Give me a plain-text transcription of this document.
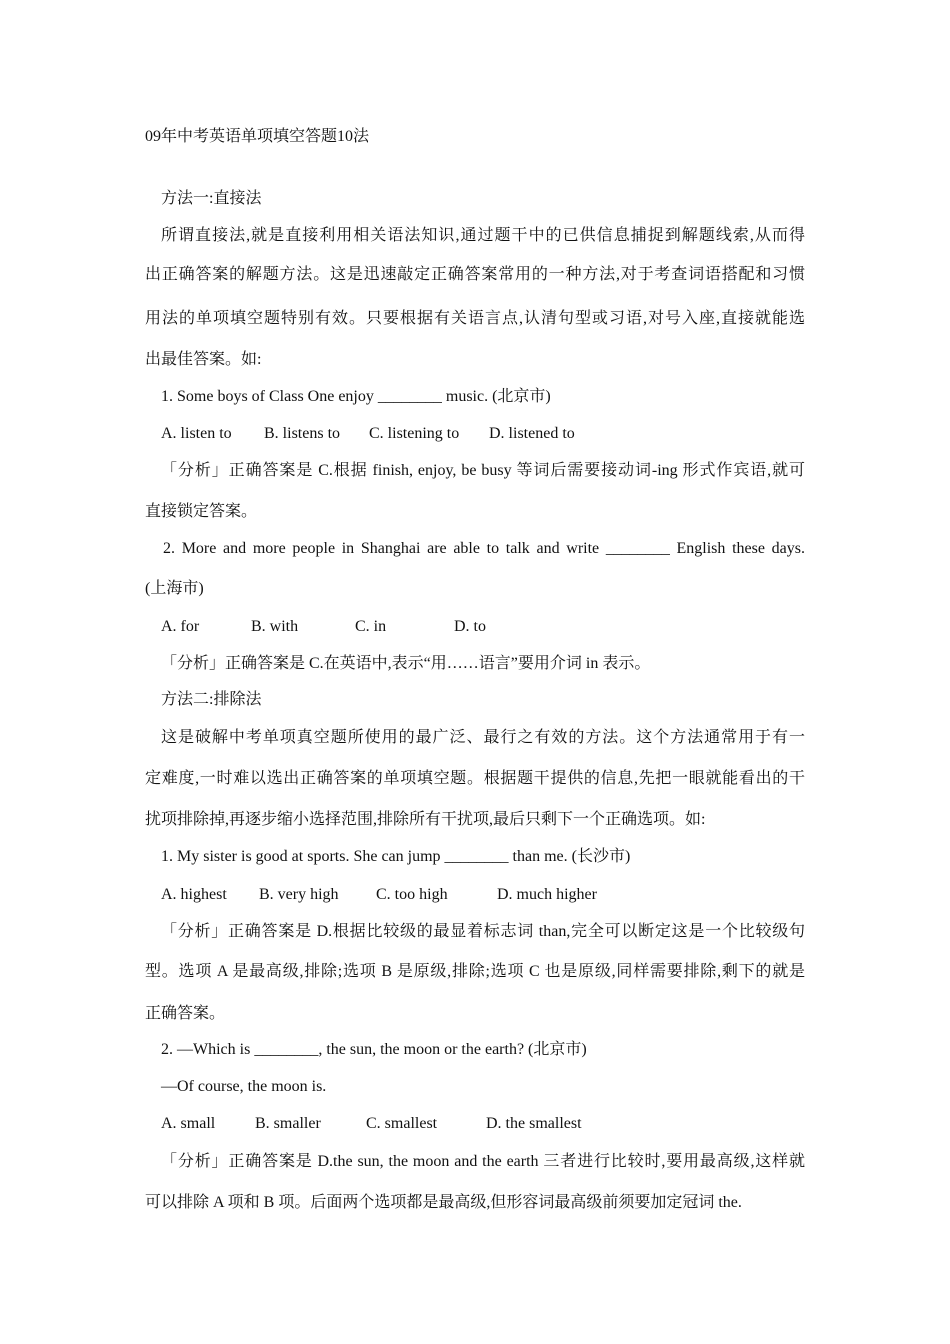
09年中考英语单项填空答题10法
方法一:直接法
所谓直接法,就是直接利用相关语法知识,通过题干中的已供信息捕捉到解题线索,从而得
出正确答案的解题方法。这是迅速敲定正确答案常用的一种方法,对于考查词语搭配和习惯
用法的单项填空题特别有效。只要根据有关语言点,认清句型或习语,对号入座,直接就能选
出最佳答案。如:
1. Some boys of Class One enjoy ________ music. (北京市)
A. listen to B. listens to C. listening to D. listened to
「分析」正确答案是 C.根据 finish, enjoy, be busy 等词后需要接动词-ing 形式作宾语,就可
直接锁定答案。
2. More and more people in Shanghai are able to talk and write ________ English these days.
(上海市)
A. for	B. with	C. in	D. to
「分析」正确答案是 C.在英语中,表示“用……语言”要用介词 in 表示。
方法二:排除法
这是破解中考单项真空题所使用的最广泛、最行之有效的方法。这个方法通常用于有一
定难度,一时难以选出正确答案的单项填空题。根据题干提供的信息,先把一眼就能看出的干
扰项排除掉,再逐步缩小选择范围,排除所有干扰项,最后只剩下一个正确选项。如:
1. My sister is good at sports. She can jump ________ than me. (长沙市)
A. highest B. very high C. too high	D. much higher
「分析」正确答案是 D.根据比较级的最显着标志词 than,完全可以断定这是一个比较级句
型。选项 A 是最高级,排除;选项 B 是原级,排除;选项 C 也是原级,同样需要排除,剩下的就是
正确答案。
2. —Which is ________, the sun, the moon or the earth? (北京市)
—Of course, the moon is.
A. small B. smaller	C. smallest	D. the smallest
「分析」正确答案是 D.the sun, the moon and the earth 三者进行比较时,要用最高级,这样就
可以排除 A 项和 B 项。后面两个选项都是最高级,但形容词最高级前须要加定冠词 the.
